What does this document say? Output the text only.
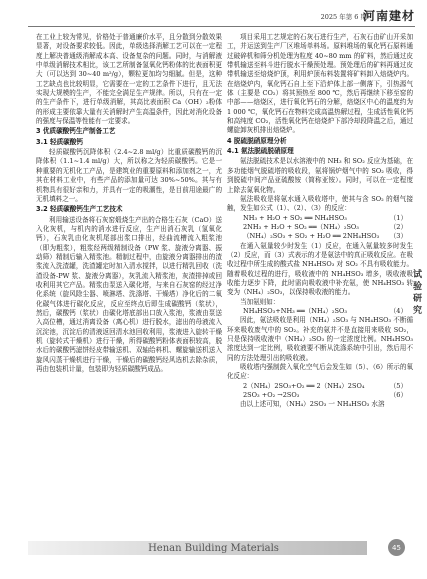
2025 年第 6 期
河南建材

在工业上较为常见，价格处于普通廉价水平，且分散到分散效果显著，对设备要求较低。因此，单级选择消解工艺可以在一定程度上解决普通级消解成本高、设备复杂的问题。同时，与消解液中单级消解技术相比，该工艺所制备氢氧化钙粉体的比表面积更大（可以达到 30~40 m²/g），颗粒更加均匀细腻。但是，这种工艺缺点也比较明显，它需要在一定的工艺条件下进行，且无法实现大规模的生产，不能完全满足生产规律。所以，只有在一定的生产条件下，进行单级消解，其高比表面积 Ca（OH）₂粉体的形成主要依靠大量有关消解时产生高温条件，因此对消化设备的强度与保温等性能有一定要求。

3 优质碳酸钙生产制备工艺
3.1 轻质碳酸钙

轻质碳酸钙沉降体积（2.4~2.8 ml/g）比重质碳酸钙的沉降体积（1.1~1.4 ml/g）大，所以称之为轻质碳酸钙。它是一种重要的无机化工产品，是建筑业的重要原料和添加剂之一，尤其在材料工业中，有些产品的添加量可达 30%~50%。其与有机物具有很好亲和力，并具有一定的吸潮性，是目前用途最广的无机填料之一。

3.2 轻质碳酸钙生产工艺技术

利用输送设备将石灰窑煅烧生产出的合格生石灰（CaO）送入化灰机，与机内的消水进行反应，生产出消石灰乳（氢氧化钙），石灰乳由化灰机尾部出浆口排出，经曲流槽流入粗浆池（即为粗浆），粗浆经两级精制设备（PW 浆、旋液分离器、振动筛）精制后输入精浆池。精制过程中，由旋液分离器排出的渣浆流入洗渣罐，洗渣罐定时加入清水搅拌，以进行精乳回收（洗渣设备-PW 浆、旋液分离器），灰乳流入精浆池，灰渣排掉或回收利用其它产品。精浆由泵送入碳化塔，与来自石灰窑的经过净化系统（旋风除尘器、喷淋塔、洗涤塔、干燥塔）净化后的二氧化碳气体进行碳化反应，反应至终点后即生成碳酸钙（浆状），然后，碳酸钙（浆状）由碳化塔底部出口放入浆池，浆液由泵送入高位槽，通过消离设备（离心机）进行脱水，滤出的母液流入沉淀池，沉淀后的清液返回清水池回收利用，浆液进入旋转干燥机（旋转式干燥机）进行干燥，所得碳酸钙粉体表面积较高，脱水后的碳酸钙滤饼经皮带输送机、双轴给料机、螺旋输送机送入旋风闪蒸干燥机进行干燥，干燥后的碳酸钙经风选机去除杂质，再由包装机计量，包装即为轻质碳酸钙成品。

项目采用工艺规定的石灰石进行生产，石灰石由矿山开采加工，并运送到生产厂区堆场单料场。原料堆场的氧化钙石原料通过破碎机和筛分机处理为粒度 40~80 mm 的矿料，然后通过皮带机输送至料斗进行脱水干燥预处理。预处理后的矿料再通过皮带机输送至焙烧炉顶，利用炉顶布料装置将矿料卸入焙烧炉内。在焙烧炉内，氧化钙石自上至下沿炉体上部一侧落下，引热源气体（主要是 CO₂）将其预热至 800 ℃，然后再继续下移至窑的中部——焙烧区，进行氧化钙石的分解，焙烧区中心的温度约为 1 000 ℃，氧化钙石在物料完成高温热解过程，生成活性氧化钙和高纯度 CO₂，活性氧化钙在焙烧炉下部冷却段降温之后，通过螺旋卸灰机排出焙烧炉。

4 脱硫脱硝原理分析
4.1 氨法脱硫脱硝原理

氨法脱硫技术是以水溶液中的 NH₃ 和 SO₂ 反应为基础，在多功能烟气脱硫塔的吸收段，氨将锅炉烟气中的 SO₂ 吸收，得到脱硫中间产品亚硫酸铵（简称亚铵）。同时，可以在一定程度上除去氮氧化物。

氨法吸收是将氨水通入吸收塔中，使其与含 SO₂ 的烟气接触，发生如公式（1）、（2）、（3）的反应：

NH₃ + H₂O + SO₂ ══ NH₄HSO₃	（1）
2NH₃ + H₂O + SO₂ ══（NH₄）₂SO₃	（2）
（NH₄）₂SO₃ + SO₂ + H₂O ══ 2NH₄HSO₃ （3）

在通入氨量较少时发生（1）反应，在通入氨量较多时发生（2）反应，而（3）式表示的才是氨法中的真正吸收反应。在吸收过程中所生成的酸式盐 NH₄HSO₃ 对 SO₂ 不具有吸收能力。随着吸收过程的进行，吸收液中的 NH₄HSO₃ 增多，吸收液吸收能力逐步下降，此时需向吸收液中补充氨，使 NH₄HSO₃ 转变为（NH₄）₂SO₃，以保持吸收液的能力。

当加氨则如：

NH₄HSO₃+NH₃ ══（NH₄）₂SO₃	（4）

因此，氨法吸收是利用（NH₄）₂SO₃ 与 NH₄HSO₃ 不断循环来吸收废气中的 SO₂。补充的氨并不是直接用来吸收 SO₂，只是保持吸收液中（NH₄）₂SO₃ 的一定浓度比例。NH₄HSO₃ 浓度达到一定比例，吸收液要不断从洗涤系统中引出，然后用不同的方法处理引出的吸收液。

吸收塔内强制鼓入氧化空气后会发生如（5）、（6）所示的氧化反应：

2（NH₄）2SO₃+O₂ ══ 2（NH₄）2SO₄	（5）
2SO₃ +O₂ →2SO₃	（6）

由以上述可知，（NH₄）2SO₃ 一 NH₄HSO₃ 水溶

试
验
研
究
Henan Building Materials	45
